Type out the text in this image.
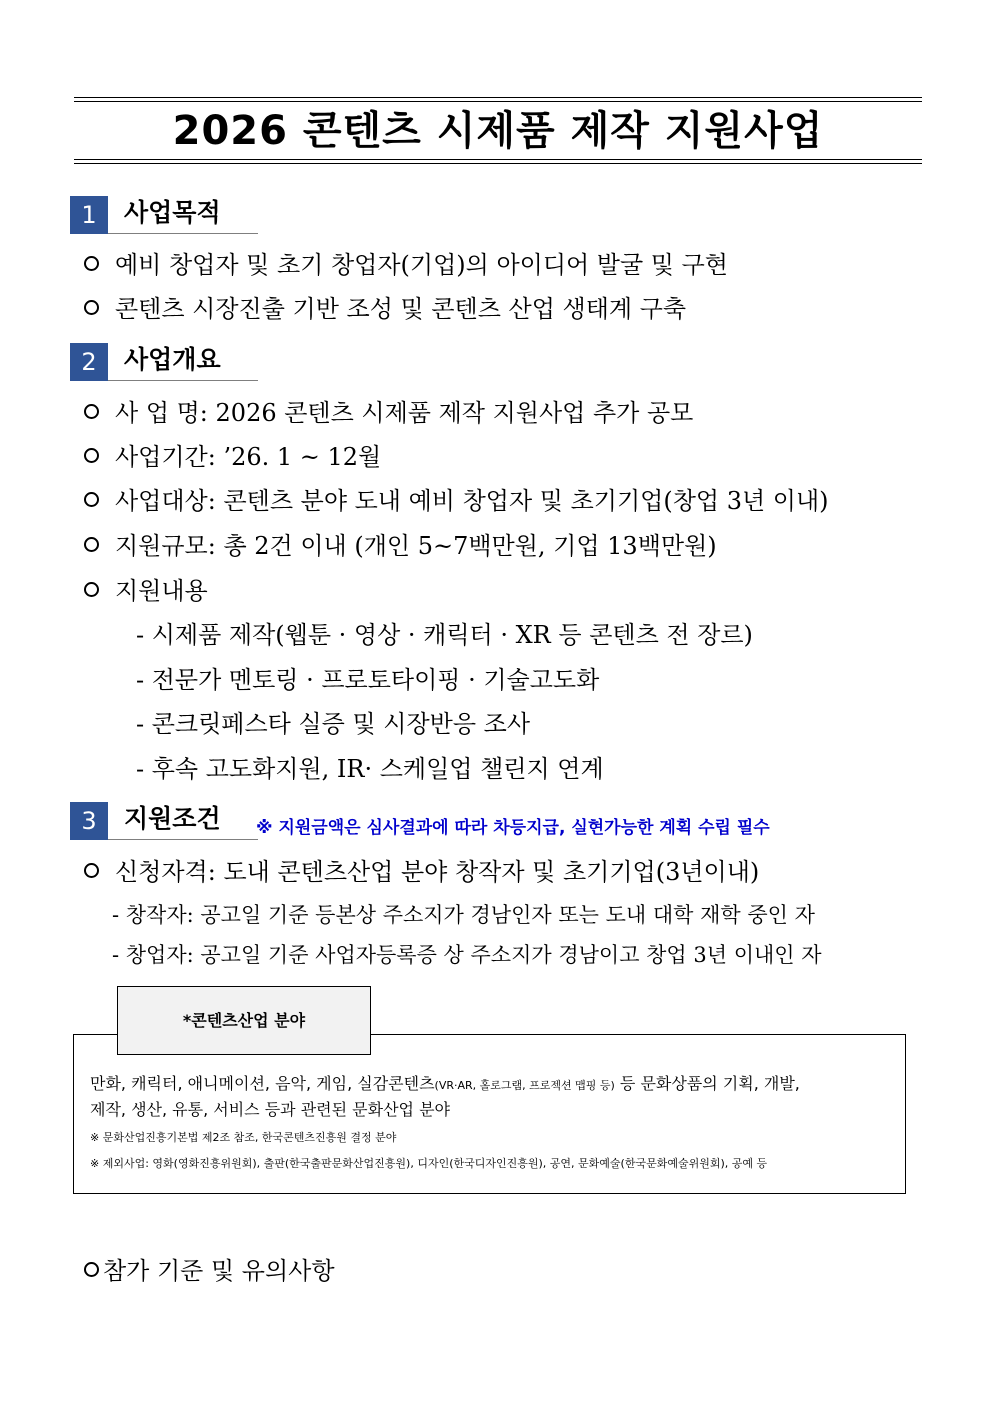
2026 콘텐츠 시제품 제작 지원사업
1	사업목적
예비 창업자 및 초기 창업자(기업)의 아이디어 발굴 및 구현
콘텐츠 시장진출 기반 조성 및 콘텐츠 산업 생태계 구축
2	사업개요
사 업 명: 2026 콘텐츠 시제품 제작 지원사업 추가 공모
사업기간: ’26. 1 ~ 12월
사업대상: 콘텐츠 분야 도내 예비 창업자 및 초기기업(창업 3년 이내)
지원규모: 총 2건 이내 (개인 5~7백만원, 기업 13백만원)
지원내용
- 시제품 제작(웹툰 · 영상 · 캐릭터 · XR 등 콘텐츠 전 장르)
- 전문가 멘토링 · 프로토타이핑 · 기술고도화
- 콘크릿페스타 실증 및 시장반응 조사
- 후속 고도화지원, IR· 스케일업 챌린지 연계
3	지원조건 ※ 지원금액은 심사결과에 따라 차등지급, 실현가능한 계획 수립 필수
신청자격: 도내 콘텐츠산업 분야 창작자 및 초기기업(3년이내)
- 창작자: 공고일 기준 등본상 주소지가 경남인자 또는 도내 대학 재학 중인 자
- 창업자: 공고일 기준 사업자등록증 상 주소지가 경남이고 창업 3년 이내인 자
*콘텐츠산업 분야
만화, 캐릭터, 애니메이션, 음악, 게임, 실감콘텐츠(VR·AR, 홀로그램, 프로젝션 맵핑 등) 등 문화상품의 기획, 개발,
제작, 생산, 유통, 서비스 등과 관련된 문화산업 분야
※ 문화산업진흥기본법 제2조 참조, 한국콘텐츠진흥원 결정 분야
※ 제외사업: 영화(영화진흥위원회), 출판(한국출판문화산업진흥원), 디자인(한국디자인진흥원), 공연, 문화예술(한국문화예술위원회), 공예 등
참가 기준 및 유의사항
